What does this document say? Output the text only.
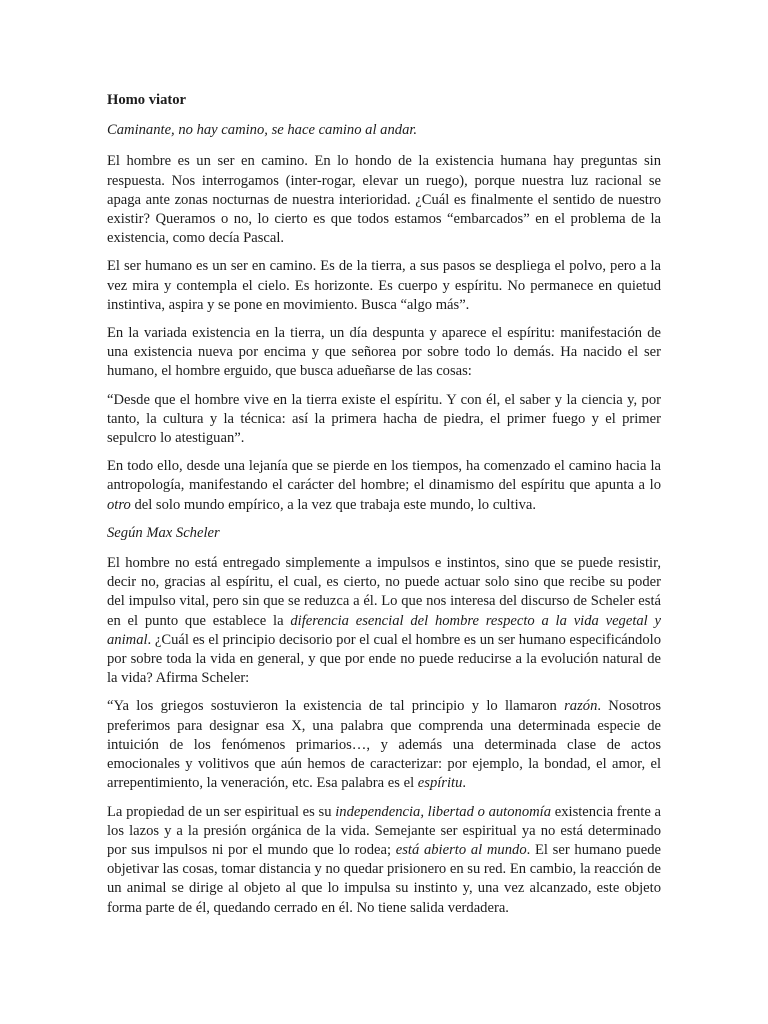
Homo viator

Caminante, no hay camino, se hace camino al andar.

El hombre es un ser en camino. En lo hondo de la existencia humana hay preguntas sin respuesta. Nos interrogamos (inter-rogar, elevar un ruego), porque nuestra luz racional se apaga ante zonas nocturnas de nuestra interioridad. ¿Cuál es finalmente el sentido de nuestro existir? Queramos o no, lo cierto es que todos estamos “embarcados” en el problema de la existencia, como decía Pascal.

El ser humano es un ser en camino. Es de la tierra, a sus pasos se despliega el polvo, pero a la vez mira y contempla el cielo. Es horizonte. Es cuerpo y espíritu. No permanece en quietud instintiva, aspira y se pone en movimiento. Busca “algo más”.

En la variada existencia en la tierra, un día despunta y aparece el espíritu: manifestación de una existencia nueva por encima y que señorea por sobre todo lo demás. Ha nacido el ser humano, el hombre erguido, que busca adueñarse de las cosas:

“Desde que el hombre vive en la tierra existe el espíritu. Y con él, el saber y la ciencia y, por tanto, la cultura y la técnica: así la primera hacha de piedra, el primer fuego y el primer sepulcro lo atestiguan”.

En todo ello, desde una lejanía que se pierde en los tiempos, ha comenzado el camino hacia la antropología, manifestando el carácter del hombre; el dinamismo del espíritu que apunta a lo otro del solo mundo empírico, a la vez que trabaja este mundo, lo cultiva.

Según Max Scheler

El hombre no está entregado simplemente a impulsos e instintos, sino que se puede resistir, decir no, gracias al espíritu, el cual, es cierto, no puede actuar solo sino que recibe su poder del impulso vital, pero sin que se reduzca a él. Lo que nos interesa del discurso de Scheler está en el punto que establece la diferencia esencial del hombre respecto a la vida vegetal y animal. ¿Cuál es el principio decisorio por el cual el hombre es un ser humano especificándolo por sobre toda la vida en general, y que por ende no puede reducirse a la evolución natural de la vida? Afirma Scheler:

“Ya los griegos sostuvieron la existencia de tal principio y lo llamaron razón. Nosotros preferimos para designar esa X, una palabra que comprenda una determinada especie de intuición de los fenómenos primarios…, y además una determinada clase de actos emocionales y volitivos que aún hemos de caracterizar: por ejemplo, la bondad, el amor, el arrepentimiento, la veneración, etc. Esa palabra es el espíritu.

La propiedad de un ser espiritual es su independencia, libertad o autonomía existencia frente a los lazos y a la presión orgánica de la vida. Semejante ser espiritual ya no está determinado por sus impulsos ni por el mundo que lo rodea; está abierto al mundo. El ser humano puede objetivar las cosas, tomar distancia y no quedar prisionero en su red. En cambio, la reacción de un animal se dirige al objeto al que lo impulsa su instinto y, una vez alcanzado, este objeto forma parte de él, quedando cerrado en él. No tiene salida verdadera.
